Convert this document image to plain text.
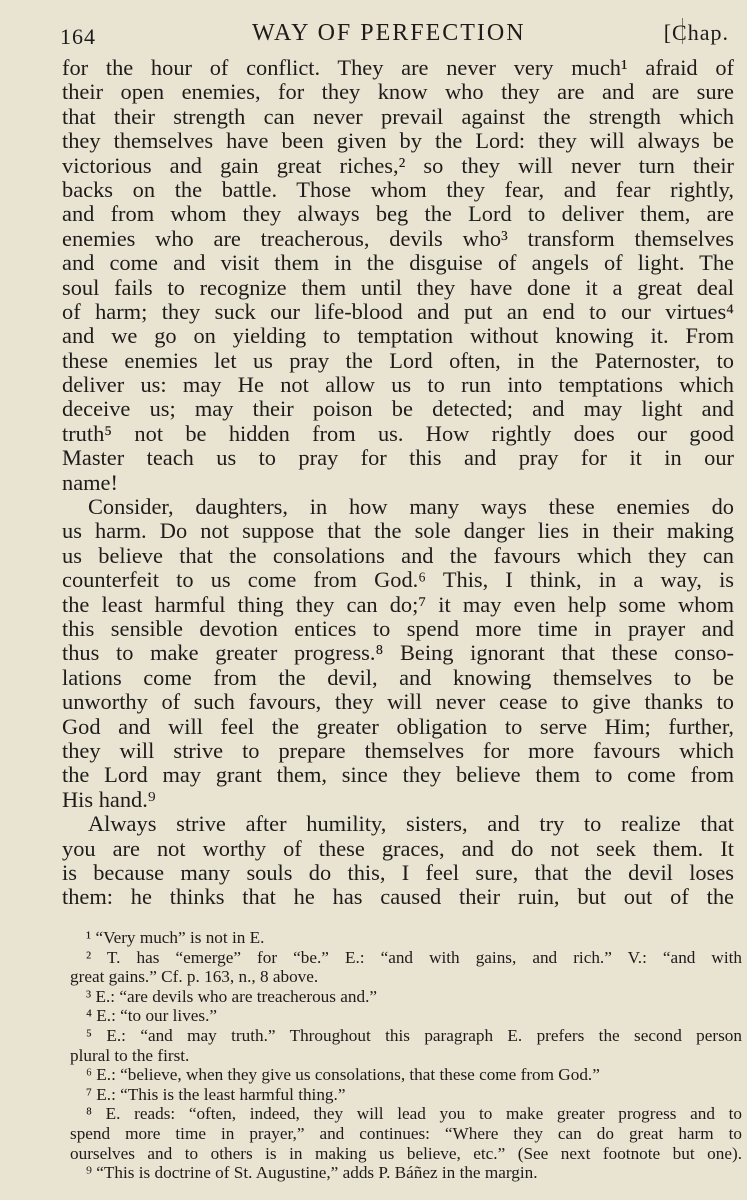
164	WAY OF PERFECTION	[Chap.
for the hour of conflict. They are never very much¹ afraid of
their open enemies, for they know who they are and are sure
that their strength can never prevail against the strength which
they themselves have been given by the Lord: they will always be
victorious and gain great riches,² so they will never turn their
backs on the battle. Those whom they fear, and fear rightly,
and from whom they always beg the Lord to deliver them, are
enemies who are treacherous, devils who³ transform themselves
and come and visit them in the disguise of angels of light. The
soul fails to recognize them until they have done it a great deal
of harm; they suck our life-blood and put an end to our virtues⁴
and we go on yielding to temptation without knowing it. From
these enemies let us pray the Lord often, in the Paternoster, to
deliver us: may He not allow us to run into temptations which
deceive us; may their poison be detected; and may light and
truth⁵ not be hidden from us. How rightly does our good
Master teach us to pray for this and pray for it in our
name!
Consider, daughters, in how many ways these enemies do
us harm. Do not suppose that the sole danger lies in their making
us believe that the consolations and the favours which they can
counterfeit to us come from God.⁶ This, I think, in a way, is
the least harmful thing they can do;⁷ it may even help some whom
this sensible devotion entices to spend more time in prayer and
thus to make greater progress.⁸ Being ignorant that these conso-
lations come from the devil, and knowing themselves to be
unworthy of such favours, they will never cease to give thanks to
God and will feel the greater obligation to serve Him; further,
they will strive to prepare themselves for more favours which
the Lord may grant them, since they believe them to come from
His hand.⁹
Always strive after humility, sisters, and try to realize that
you are not worthy of these graces, and do not seek them. It
is because many souls do this, I feel sure, that the devil loses
them: he thinks that he has caused their ruin, but out of the
¹ “Very much” is not in E.
² T. has “emerge” for “be.” E.: “and with gains, and rich.” V.: “and with
great gains.” Cf. p. 163, n., 8 above.
³ E.: “are devils who are treacherous and.”
⁴ E.: “to our lives.”
⁵ E.: “and may truth.” Throughout this paragraph E. prefers the second person
plural to the first.
⁶ E.: “believe, when they give us consolations, that these come from God.”
⁷ E.: “This is the least harmful thing.”
⁸ E. reads: “often, indeed, they will lead you to make greater progress and to
spend more time in prayer,” and continues: “Where they can do great harm to
ourselves and to others is in making us believe, etc.” (See next footnote but one).
⁹ “This is doctrine of St. Augustine,” adds P. Báñez in the margin.
